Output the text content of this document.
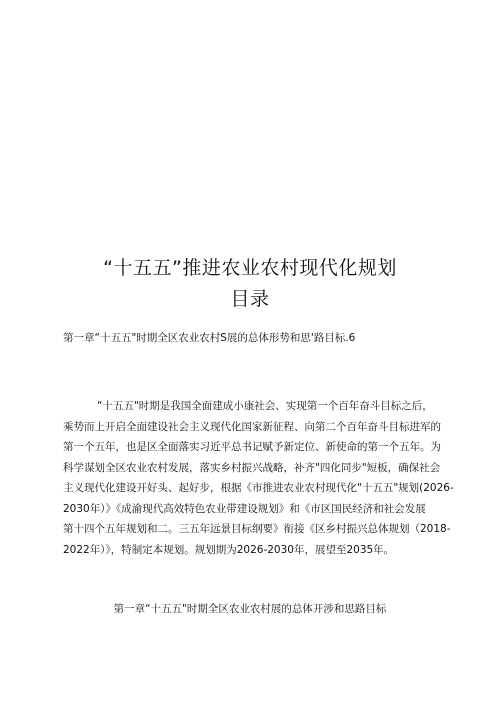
“十五五”推进农业农村现代化规划
目录
第一章“十五五"时期全区农业农村S展的总体形势和思'路目标.6

“十五五"时期是我国全面建成小康社会、实现第一个百年奋斗目标之后，
乘势而上开启全面建设社会主义现代化国家新征程、向第二个百年奋斗目标进军的
第一个五年，也是区全面落实习近平总书记赋予新定位、新使命的第一个五年。为
科学谋划全区农业农村发展，落实乡村振兴战略，补齐"四化同步"短板，确保社会
主义现代化建设开好头、起好步，根据《市推进农业农村现代化"十五五"规划(2026-
2030年）》《成渝现代高效特色农业带建设规划》和《市区国民经济和社会发展
第十四个五年规划和二。三五年远景目标纲要》衔接《区乡村振兴总体规划（2018-
2022年）》，特制定本规划。规划期为2026-2030年，展望至2035年。

第一章“十五五"时期全区农业农村展的总体开涉和思路目标
